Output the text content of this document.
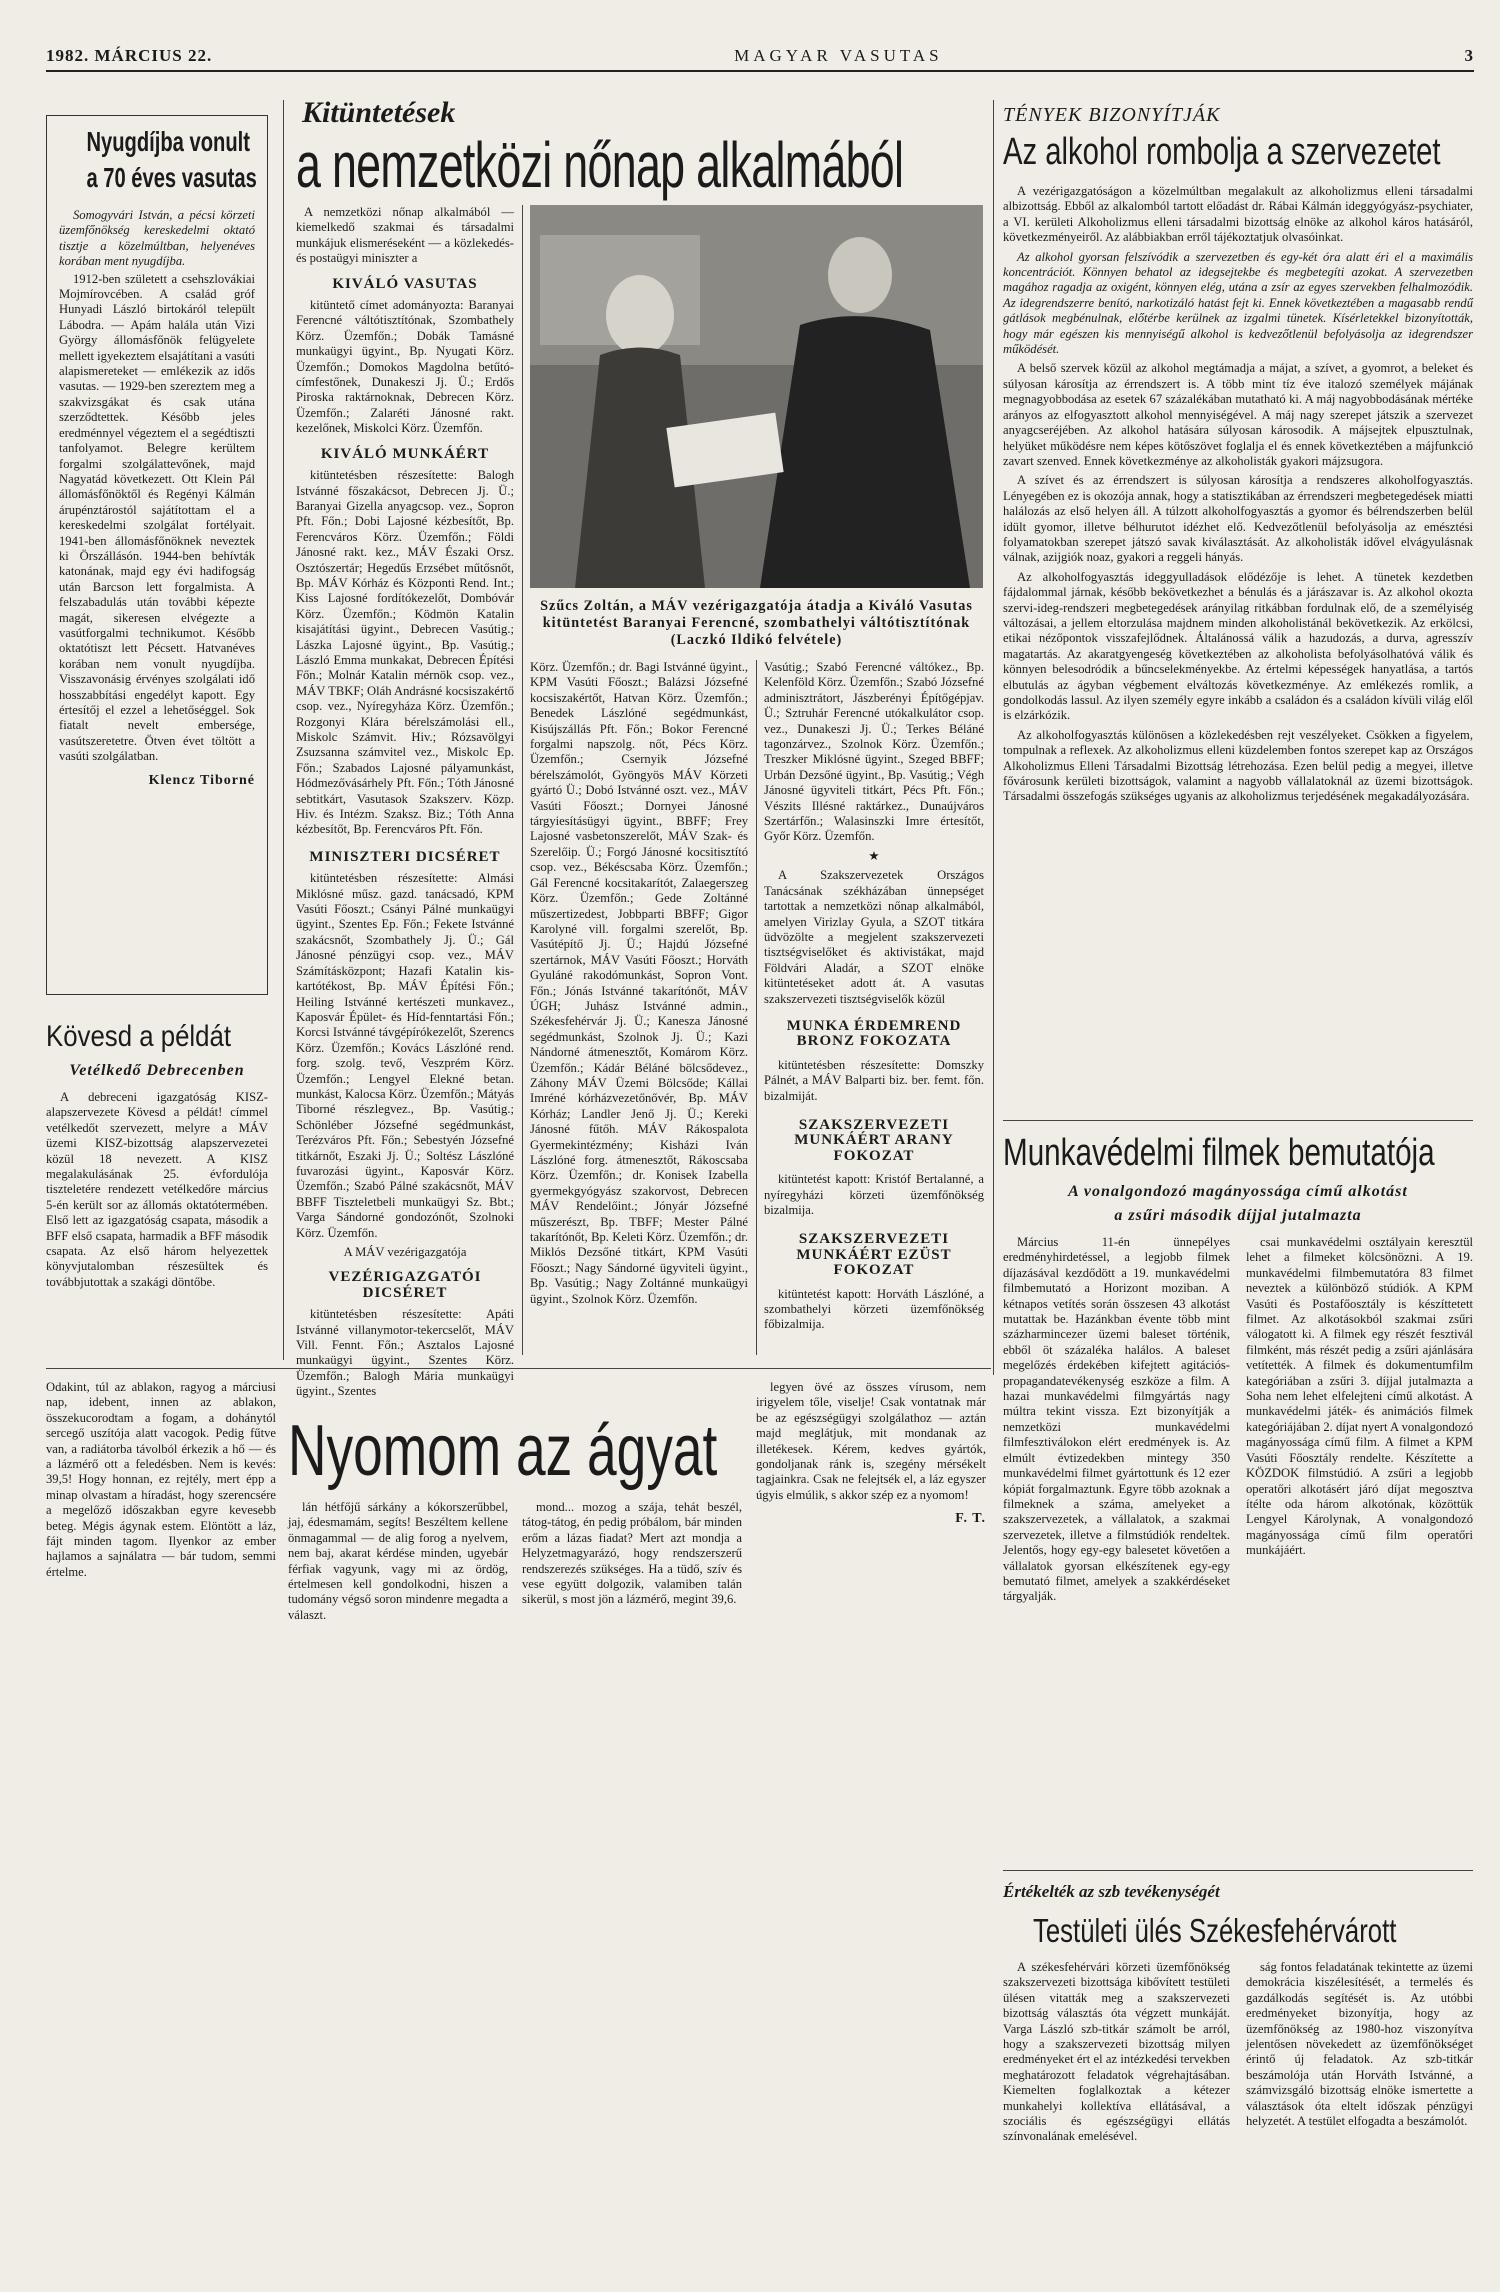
1982. MÁRCIUS 22.	MAGYAR VASUTAS	3
Nyugdíjba vonult
a 70 éves vasutas

Somogyvári István, a pécsi körzeti üzemfőnökség kereskedelmi oktató tisztje a közelmúltban, helyenéves korában ment nyugdíjba.

1912-ben született a csehszlovákiai Mojmírovcében. A család gróf Hunyadi László birtokáról települt Lábodra. — Apám halála után Vizi György állomásfőnök felügyelete mellett igyekeztem elsajátítani a vasúti alapismereteket — emlékezik az idős vasutas. — 1929-ben szereztem meg a szakvizsgákat és csak utána szerződtettek. Később jeles eredménnyel végeztem el a segédtiszti tanfolyamot. Belegre kerültem forgalmi szolgálattevőnek, majd Nagyatád következett. Ott Klein Pál állomásfőnöktől és Regényi Kálmán árupénztárostól sajátítottam el a kereskedelmi szolgálat fortélyait. 1941-ben állomásfőnöknek neveztek ki Örszállásón. 1944-ben behívták katonának, majd egy évi hadifogság után Barcson lett forgalmista. A felszabadulás után további képezte magát, sikeresen elvégezte a vasútforgalmi technikumot. Később oktatótiszt lett Pécsett. Hatvanéves korában nem vonult nyugdíjba. Visszavonásig érvényes szolgálati idő hosszabbítási engedélyt kapott. Egy értesítőj el ezzel a lehetőséggel. Sok fiatalt nevelt embersége, vasútszeretetre. Ötven évet töltött a vasúti szolgálatban.

Klencz Tiborné
Kövesd a példát
Vetélkedő Debrecenben

A debreceni igazgatóság KISZ-alapszervezete Kövesd a példát! címmel vetélkedőt szervezett, melyre a MÁV üzemi KISZ-bizottság alapszervezetei közül 18 nevezett. A KISZ megalakulásának 25. évfordulója tiszteletére rendezett vetélkedőre március 5-én került sor az állomás oktatótermében. Első lett az igazgatóság csapata, második a BFF első csapata, harmadik a BFF második csapata. Az első három helyezettek könyvjutalomban részesültek és továbbjutottak a szakági döntőbe.

Kitüntetések
a nemzetközi nőnap alkalmából

A nemzetközi nőnap alkalmából — kiemelkedő szakmai és társadalmi munkájuk elismeréseként — a közlekedés- és postaügyi miniszter a

KIVÁLÓ VASUTAS

kitüntető címet adományozta: Baranyai Ferencné váltótisztítónak, Szombathely Körz. Üzemfőn.; Dobák Tamásné munkaügyi ügyint., Bp. Nyugati Körz. Üzemfőn.; Domokos Magdolna betűtó-címfestőnek, Dunakeszi Jj. Ü.; Erdős Piroska raktárnoknak, Debrecen Körz. Üzemfőn.; Zalaréti Jánosné rakt. kezelőnek, Miskolci Körz. Üzemfőn.

KIVÁLÓ MUNKÁÉRT

kitüntetésben részesítette: Balogh Istvánné főszakácsot, Debrecen Jj. Ü.; Baranyai Gizella anyagcsop. vez., Sopron Pft. Főn.; Dobi Lajosné kézbesítőt, Bp. Ferencváros Körz. Üzemfőn.; Földi Jánosné rakt. kez., MÁV Északi Orsz. Osztószertár; Hegedűs Erzsébet műtősnőt, Bp. MÁV Kórház és Központi Rend. Int.; Kiss Lajosné fordítókezelőt, Dombóvár Körz. Üzemfőn.; Ködmön Katalin kisajátítási ügyint., Debrecen Vasútig.; Lászka Lajosné ügyint., Bp. Vasútig.; László Emma munkakat, Debrecen Építési Főn.; Molnár Katalin mérnök csop. vez., MÁV TBKF; Oláh Andrásné kocsiszakértő csop. vez., Nyíregyháza Körz. Üzemfőn.; Rozgonyi Klára bérelszámolási ell., Miskolc Számvit. Hiv.; Rózsavölgyi Zsuzsanna számvitel vez., Miskolc Ep. Főn.; Szabados Lajosné pályamunkást, Hódmezővásárhely Pft. Főn.; Tóth Jánosné sebtitkárt, Vasutasok Szakszerv. Közp. Hiv. és Intézm. Szaksz. Biz.; Tóth Anna kézbesítőt, Bp. Ferencváros Pft. Főn.

MINISZTERI DICSÉRET

kitüntetésben részesítette: Almási Miklósné műsz. gazd. tanácsadó, KPM Vasúti Főoszt.; Csányi Pálné munkaügyi ügyint., Szentes Ep. Főn.; Fekete Istvánné szakácsnőt, Szombathely Jj. Ü.; Gál Jánosné pénzügyi csop. vez., MÁV Számításközpont; Hazafi Katalin kis-kartótékost, Bp. MÁV Építési Főn.; Heiling Istvánné kertészeti munkavez., Kaposvár Épület- és Híd-fenntartási Főn.; Korcsi Istvánné távgépírókezelőt, Szerencs Körz. Üzemfőn.; Kovács Lászlóné rend. forg. szolg. tevő, Veszprém Körz. Üzemfőn.; Lengyel Elekné betan. munkást, Kalocsa Körz. Üzemfőn.; Mátyás Tiborné részlegvez., Bp. Vasútig.; Schönléber Józsefné segédmunkást, Terézváros Pft. Főn.; Sebestyén Józsefné titkárnőt, Eszaki Jj. Ü.; Soltész Lászlóné fuvarozási ügyint., Kaposvár Körz. Üzemfőn.; Szabó Pálné szakácsnőt, MÁV BBFF Tiszteletbeli munkaügyi Sz. Bbt.; Varga Sándorné gondozónőt, Szolnoki Körz. Üzemfőn.

A MÁV vezérigazgatója

VEZÉRIGAZGATÓI DICSÉRET

kitüntetésben részesítette: Apáti Istvánné villanymotor-tekercselőt, MÁV Vill. Fennt. Főn.; Asztalos Lajosné munkaügyi ügyint., Szentes Körz. Üzemfőn.; Balogh Mária munkaügyi ügyint., Szentes

Szűcs Zoltán, a MÁV vezérigazgatója átadja a Kiváló Vasutas kitüntetést Baranyai Ferencné, szombathelyi váltótisztítónak (Laczkó Ildikó felvétele)

Körz. Üzemfőn.; dr. Bagi Istvánné ügyint., KPM Vasúti Főoszt.; Balázsi Józsefné kocsiszakértőt, Hatvan Körz. Üzemfőn.; Benedek Lászlóné segédmunkást, Kisújszállás Pft. Főn.; Bokor Ferencné forgalmi napszolg. nőt, Pécs Körz. Üzemfőn.; Csernyik Józsefné bérelszámolót, Gyöngyös MÁV Körzeti gyártó Ü.; Dobó Istvánné oszt. vez., MÁV Vasúti Főoszt.; Dornyei Jánosné tárgyiesításügyi ügyint., BBFF; Frey Lajosné vasbetonszerelőt, MÁV Szak- és Szerelőip. Ü.; Forgó Jánosné kocsitisztító csop. vez., Békéscsaba Körz. Üzemfőn.; Gál Ferencné kocsitakarítót, Zalaegerszeg Körz. Üzemfőn.; Gede Zoltánné műszertizedest, Jobbparti BBFF; Gigor Karolyné vill. forgalmi szerelőt, Bp. Vasútépítő Jj. Ü.; Hajdú Józsefné szertárnok, MÁV Vasúti Főoszt.; Horváth Gyuláné rakodómunkást, Sopron Vont. Főn.; Jónás Istvánné takarítónőt, MÁV ÚGH; Juhász Istvánné admin., Székesfehérvár Jj. Ü.; Kanesza Jánosné segédmunkást, Szolnok Jj. Ü.; Kazi Nándorné átmenesztőt, Komárom Körz. Üzemfőn.; Kádár Béláné bölcsődevez., Záhony MÁV Üzemi Bölcsőde; Kállai Imréné kórházvezetőnővér, Bp. MÁV Kórház; Landler Jenő Jj. Ü.; Kereki Jánosné fűtőh. MÁV Rákospalota Gyermekintézmény; Kisházi Iván Lászlóné forg. átmenesztőt, Rákoscsaba Körz. Üzemfőn.; dr. Konisek Izabella gyermekgyógyász szakorvost, Debrecen MÁV Rendelőint.; Jónyár Józsefné műszerészt, Bp. TBFF; Mester Pálné takarítónőt, Bp. Keleti Körz. Üzemfőn.; dr. Miklós Dezsőné titkárt, KPM Vasúti Főoszt.; Nagy Sándorné ügyviteli ügyint., Bp. Vasútig.; Nagy Zoltánné munkaügyi ügyint., Szolnok Körz. Üzemfőn.

Vasútig.; Szabó Ferencné váltókez., Bp. Kelenföld Körz. Üzemfőn.; Szabó Józsefné adminisztrátort, Jászberényi Építőgépjav. Ü.; Sztruhár Ferencné utókalkulátor csop. vez., Dunakeszi Jj. Ü.; Terkes Béláné tagonzárvez., Szolnok Körz. Üzemfőn.; Treszker Miklósné ügyint., Szeged BBFF; Urbán Dezsőné ügyint., Bp. Vasútig.; Végh Jánosné ügyviteli titkárt, Pécs Pft. Főn.; Vészits Illésné raktárkez., Dunaújváros Szertárfőn.; Walasinszki Imre értesítőt, Győr Körz. Üzemfőn.

★

A Szakszervezetek Országos Tanácsának székházában ünnepséget tartottak a nemzetközi nőnap alkalmából, amelyen Virizlay Gyula, a SZOT titkára üdvözölte a megjelent szakszervezeti tisztségviselőket és aktivistákat, majd Földvári Aladár, a SZOT elnöke kitüntetéseket adott át. A vasutas szakszervezeti tisztségviselők közül

MUNKA ÉRDEMREND BRONZ FOKOZATA

kitüntetésben részesítette: Domszky Pálnét, a MÁV Balparti biz. ber. femt. főn. bizalmiját.

SZAKSZERVEZETI MUNKÁÉRT ARANY FOKOZAT

kitüntetést kapott: Kristóf Bertalanné, a nyíregyházi körzeti üzemfőnökség bizalmija.

SZAKSZERVEZETI MUNKÁÉRT EZÜST FOKOZAT

kitüntetést kapott: Horváth Lászlóné, a szombathelyi körzeti üzemfőnökség főbizalmija.

TÉNYEK BIZONYÍTJÁK
Az alkohol rombolja a szervezetet

A vezérigazgatóságon a közelmúltban megalakult az alkoholizmus elleni társadalmi albizottság. Ebből az alkalomból tartott előadást dr. Rábai Kálmán ideggyógyász-psychiater, a VI. kerületi Alkoholizmus elleni társadalmi bizottság elnöke az alkohol káros hatásáról, következményeiről. Az alábbiakban erről tájékoztatjuk olvasóinkat.

Az alkohol gyorsan felszívódik a szervezetben és egy-két óra alatt éri el a maximális koncentrációt. Könnyen behatol az idegsejtekbe és megbetegíti azokat. A szervezetben magához ragadja az oxigént, könnyen elég, utána a zsír az egyes szervekben felhalmozódik. Az idegrendszerre benító, narkotizáló hatást fejt ki. Ennek következtében a magasabb rendű gátlások megbénulnak, előtérbe kerülnek az izgalmi tünetek. Kísérletekkel bizonyították, hogy már egészen kis mennyiségű alkohol is kedvezőtlenül befolyásolja az idegrendszer működését.

A belső szervek közül az alkohol megtámadja a májat, a szívet, a gyomrot, a beleket és súlyosan károsítja az érrendszert is. A több mint tíz éve italozó személyek májának megnagyobbodása az esetek 67 százalékában mutatható ki. A máj nagyobbodásának mértéke arányos az elfogyasztott alkohol mennyiségével. A máj nagy szerepet játszik a szervezet anyagcseréjében. Az alkohol hatására súlyosan károsodik. A májsejtek elpusztulnak, helyüket működésre nem képes kötőszövet foglalja el és ennek következtében a májfunkció zavart szenved. Ennek következménye az alkoholisták gyakori májzsugora.

A szívet és az érrendszert is súlyosan károsítja a rendszeres alkoholfogyasztás. Lényegében ez is okozója annak, hogy a statisztikában az érrendszeri megbetegedések miatti halálozás az első helyen áll. A túlzott alkoholfogyasztás a gyomor és bélrendszerben belül idült gyomor, illetve bélhurutot idézhet elő. Kedvezőtlenül befolyásolja az emésztési folyamatokban szerepet játszó savak kiválasztását. Az alkoholisták idővel elvágyulásnak válnak, azijgiók noaz, gyakori a reggeli hányás.

Az alkoholfogyasztás ideggyulladások elődézője is lehet. A tünetek kezdetben fájdalommal járnak, később bekövetkezhet a bénulás és a járászavar is. Az alkohol okozta szervi-ideg-rendszeri megbetegedések arányilag ritkábban fordulnak elő, de a személyiség változásai, a jellem eltorzulása majdnem minden alkoholistánál bekövetkezik. Az erkölcsi, etikai nézőpontok visszafejlődnek. Általánossá válik a hazudozás, a durva, agresszív magatartás. Az akaratgyengeség következtében az alkoholista befolyásolhatóvá válik és könnyen belesodródik a bűncselekményekbe. Az értelmi képességek hanyatlása, a tartós elbutulás az ágyban végbement elváltozás következménye. Az emlékezés romlik, a gondolkodás lassul. Az ilyen személy egyre inkább a családon és a családon kívüli világ elől is elzárkózik.

Az alkoholfogyasztás különösen a közlekedésben rejt veszélyeket. Csökken a figyelem, tompulnak a reflexek. Az alkoholizmus elleni küzdelemben fontos szerepet kap az Országos Alkoholizmus Elleni Társadalmi Bizottság létrehozása. Ezen belül pedig a megyei, illetve fővárosunk kerületi bizottságok, valamint a nagyobb vállalatoknál az üzemi bizottságok. Társadalmi összefogás szükséges ugyanis az alkoholizmus terjedésének megakadályozására.

Munkavédelmi filmek bemutatója
A vonalgondozó magányossága című alkotást
a zsűri második díjjal jutalmazta

Március 11-én ünnepélyes eredményhirdetéssel, a legjobb filmek díjazásával kezdődött a 19. munkavédelmi filmbemutató a Horizont moziban. A kétnapos vetítés során összesen 43 alkotást mutattak be. Hazánkban évente több mint százharmincezer üzemi baleset történik, ebből öt százaléka halálos. A baleset megelőzés érdekében kifejtett agitációs-propagandatevékenység eszköze a film. A hazai munkavédelmi filmgyártás nagy múltra tekint vissza. Ezt bizonyítják a nemzetközi munkavédelmi filmfesztiválokon elért eredmények is. Az elmúlt évtizedekben mintegy 350 munkavédelmi filmet gyártottunk és 12 ezer kópiát forgalmaztunk. Egyre több azoknak a filmeknek a száma, amelyeket a szakszervezetek, a vállalatok, a szakmai szervezetek, illetve a filmstúdiók rendeltek. Jelentős, hogy egy-egy balesetet követően a vállalatok gyorsan elkészítenek egy-egy bemutató filmet, amelyek a szakkérdéseket tárgyalják.

csai munkavédelmi osztályain keresztül lehet a filmeket kölcsönözni. A 19. munkavédelmi filmbemutatóra 83 filmet neveztek a különböző stúdiók. A KPM Vasúti és Postafőosztály is készíttetett filmet. Az alkotásokból szakmai zsűri válogatott ki. A filmek egy részét fesztivál filmként, más részét pedig a zsűri ajánlására vetítették. A filmek és dokumentumfilm kategóriában a zsűri 3. díjjal jutalmazta a Soha nem lehet elfelejteni című alkotást. A munkavédelmi játék- és animációs filmek kategóriájában 2. díjat nyert A vonalgondozó magányossága című film. A filmet a KPM Vasúti Főosztály rendelte. Készítette a KÖZDOK filmstúdió. A zsűri a legjobb operatőri alkotásért járó díjat megosztva ítélte oda három alkotónak, közöttük Lengyel Károlynak, A vonalgondozó magányossága című film operatőri munkájáért.

Értékelték az szb tevékenységét
Testületi ülés Székesfehérvárott

A székesfehérvári körzeti üzemfőnökség szakszervezeti bizottsága kibővített testületi ülésen vitatták meg a szakszervezeti bizottság választás óta végzett munkáját. Varga László szb-titkár számolt be arról, hogy a szakszervezeti bizottság milyen eredményeket ért el az intézkedési tervekben meghatározott feladatok végrehajtásában. Kiemelten foglalkoztak a kétezer munkahelyi kollektíva ellátásával, a szociális és egészségügyi ellátás színvonalának emelésével.

ság fontos feladatának tekintette az üzemi demokrácia kiszélesítését, a termelés és gazdálkodás segítését is. Az utóbbi eredményeket bizonyítja, hogy az üzemfőnökség az 1980-hoz viszonyítva jelentősen növekedett az üzemfőnökséget érintő új feladatok. Az szb-titkár beszámolója után Horváth Istvánné, a számvizsgáló bizottság elnöke ismertette a választások óta eltelt időszak pénzügyi helyzetét. A testület elfogadta a beszámolót.

Nyomom az ágyat

Odakint, túl az ablakon, ragyog a márciusi nap, idebent, innen az ablakon, összekucorodtam a fogam, a dohánytól sercegő uszítója alatt vacogok. Pedig fűtve van, a radiátorba távolból érkezik a hő — és a lázmérő ott a feledésben. Nem is kevés: 39,5! Hogy honnan, ez rejtély, mert épp a minap olvastam a híradást, hogy szerencsére a megelőző időszakban egyre kevesebb beteg. Mégis ágynak estem. Elöntött a láz, fájt minden tagom. Ilyenkor az ember hajlamos a sajnálatra — bár tudom, semmi értelme.

lán hétfőjű sárkány a kókorszerűbbel, jaj, édesmamám, segíts! Beszéltem kellene önmagammal — de alig forog a nyelvem, nem baj, akarat kérdése minden, ugyebár férfiak vagyunk, vagy mi az ördög, értelmesen kell gondolkodni, hiszen a tudomány végső soron mindenre megadta a választ.

mond... mozog a szája, tehát beszél, tátog-tátog, én pedig próbálom, bár minden erőm a lázas fiadat? Mert azt mondja a Helyzetmagyarázó, hogy rendszerszerű rendszerezés szükséges. Ha a tüdő, szív és vese együtt dolgozik, valamiben talán sikerül, s most jön a lázmérő, megint 39,6.

legyen övé az összes vírusom, nem irigyelem tőle, viselje! Csak vontatnak már be az egészségügyi szolgálathoz — aztán majd meglátjuk, mit mondanak az illetékesek. Kérem, kedves gyártók, gondoljanak ránk is, szegény mérsékelt tagjainkra. Csak ne felejtsék el, a láz egyszer úgyis elmúlik, s akkor szép ez a nyomom!

F. T.
